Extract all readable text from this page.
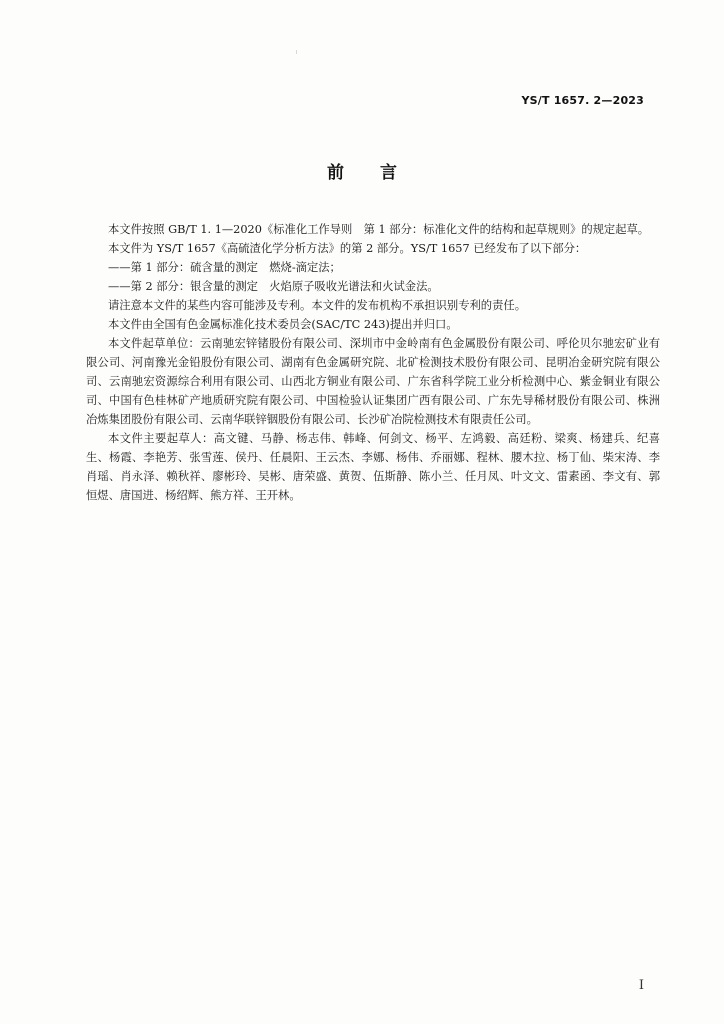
YS/T 1657. 2—2023
前言

本文件按照 GB/T 1. 1—2020《标准化工作导则　第 1 部分：标准化文件的结构和起草规则》的规定起草。

本文件为 YS/T 1657《高硫渣化学分析方法》的第 2 部分。YS/T 1657 已经发布了以下部分：

——第 1 部分：硫含量的测定　燃烧-滴定法；

——第 2 部分：银含量的测定　火焰原子吸收光谱法和火试金法。

请注意本文件的某些内容可能涉及专利。本文件的发布机构不承担识别专利的责任。

本文件由全国有色金属标准化技术委员会(SAC/TC 243)提出并归口。

本文件起草单位：云南驰宏锌锗股份有限公司、深圳市中金岭南有色金属股份有限公司、呼伦贝尔驰宏矿业有限公司、河南豫光金铅股份有限公司、湖南有色金属研究院、北矿检测技术股份有限公司、昆明冶金研究院有限公司、云南驰宏资源综合利用有限公司、山西北方铜业有限公司、广东省科学院工业分析检测中心、紫金铜业有限公司、中国有色桂林矿产地质研究院有限公司、中国检验认证集团广西有限公司、广东先导稀材股份有限公司、株洲冶炼集团股份有限公司、云南华联锌铟股份有限公司、长沙矿冶院检测技术有限责任公司。

本文件主要起草人：高文键、马静、杨志伟、韩峰、何剑文、杨平、左鸿毅、高廷粉、梁爽、杨建兵、纪喜生、杨霞、李艳芳、张雪莲、侯丹、任晨阳、王云杰、李娜、杨伟、乔丽娜、程林、腰木拉、杨丁仙、柴宋涛、李肖瑶、肖永泽、赖秋祥、廖彬玲、吴彬、唐荣盛、黄贺、伍斯静、陈小兰、任月凤、叶文文、雷素函、李文有、郭恒煜、唐国进、杨绍辉、熊方祥、王开林。

I
